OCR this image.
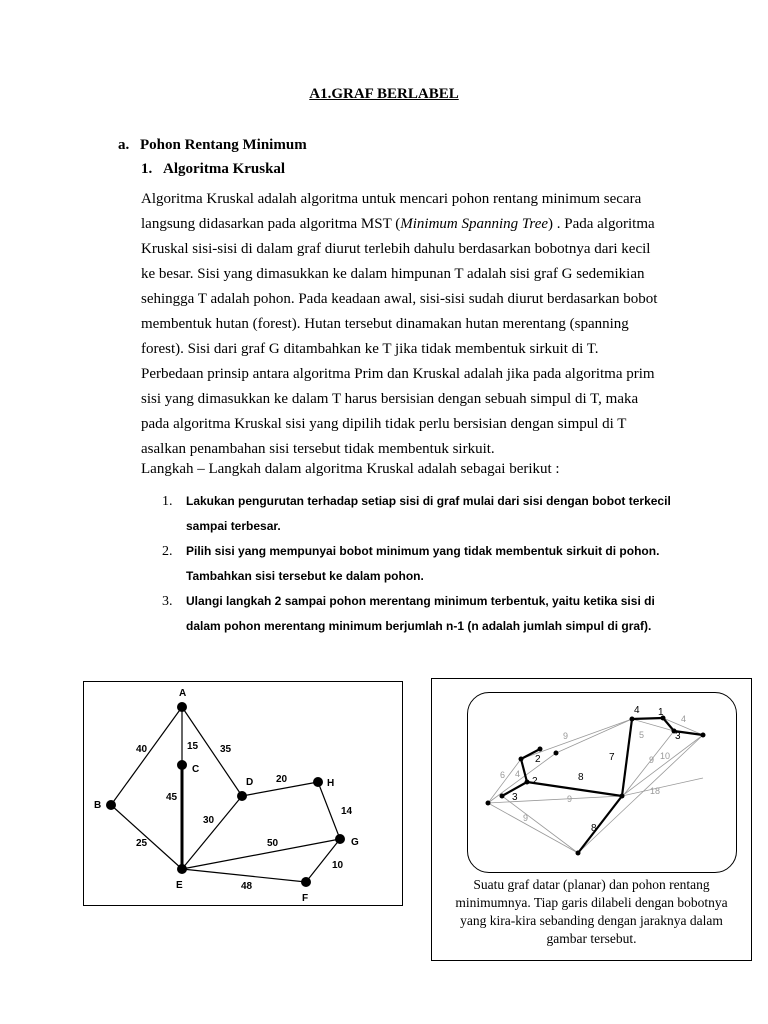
A1.GRAF BERLABEL
a. Pohon Rentang Minimum
1. Algoritma Kruskal
Algoritma Kruskal adalah algoritma untuk mencari pohon rentang minimum secara
langsung didasarkan pada algoritma MST (Minimum Spanning Tree) . Pada algoritma
Kruskal sisi-sisi di dalam graf diurut terlebih dahulu berdasarkan bobotnya dari kecil
ke besar. Sisi yang dimasukkan ke dalam himpunan T adalah sisi graf G sedemikian
sehingga T adalah pohon. Pada keadaan awal, sisi-sisi sudah diurut berdasarkan bobot
membentuk hutan (forest). Hutan tersebut dinamakan hutan merentang (spanning
forest). Sisi dari graf G ditambahkan ke T jika tidak membentuk sirkuit di T.
Perbedaan prinsip antara algoritma Prim dan Kruskal adalah jika pada algoritma prim
sisi yang dimasukkan ke dalam T harus bersisian dengan sebuah simpul di T, maka
pada algoritma Kruskal sisi yang dipilih tidak perlu bersisian dengan simpul di T
asalkan penambahan sisi tersebut tidak membentuk sirkuit.
Langkah – Langkah dalam algoritma Kruskal adalah sebagai berikut :
1. Lakukan pengurutan terhadap setiap sisi di graf mulai dari sisi dengan bobot terkecil
sampai terbesar.
2. Pilih sisi yang mempunyai bobot minimum yang tidak membentuk sirkuit di pohon.
Tambahkan sisi tersebut ke dalam pohon.
3. Ulangi langkah 2 sampai pohon merentang minimum terbentuk, yaitu ketika sisi di
dalam pohon merentang minimum berjumlah n-1 (n adalah jumlah simpul di graf).
A
B
C
D
E
F
G
H
40	15 35
45
25
30
20
14
50
48
10
1
2
2
3
3
4
7
8
8
9	5
4
9 10
6 4
9
18
9
Suatu graf datar (planar) dan pohon rentang minimumnya. Tiap garis dilabeli dengan bobotnya yang kira-kira sebanding dengan jaraknya dalam gambar tersebut.
